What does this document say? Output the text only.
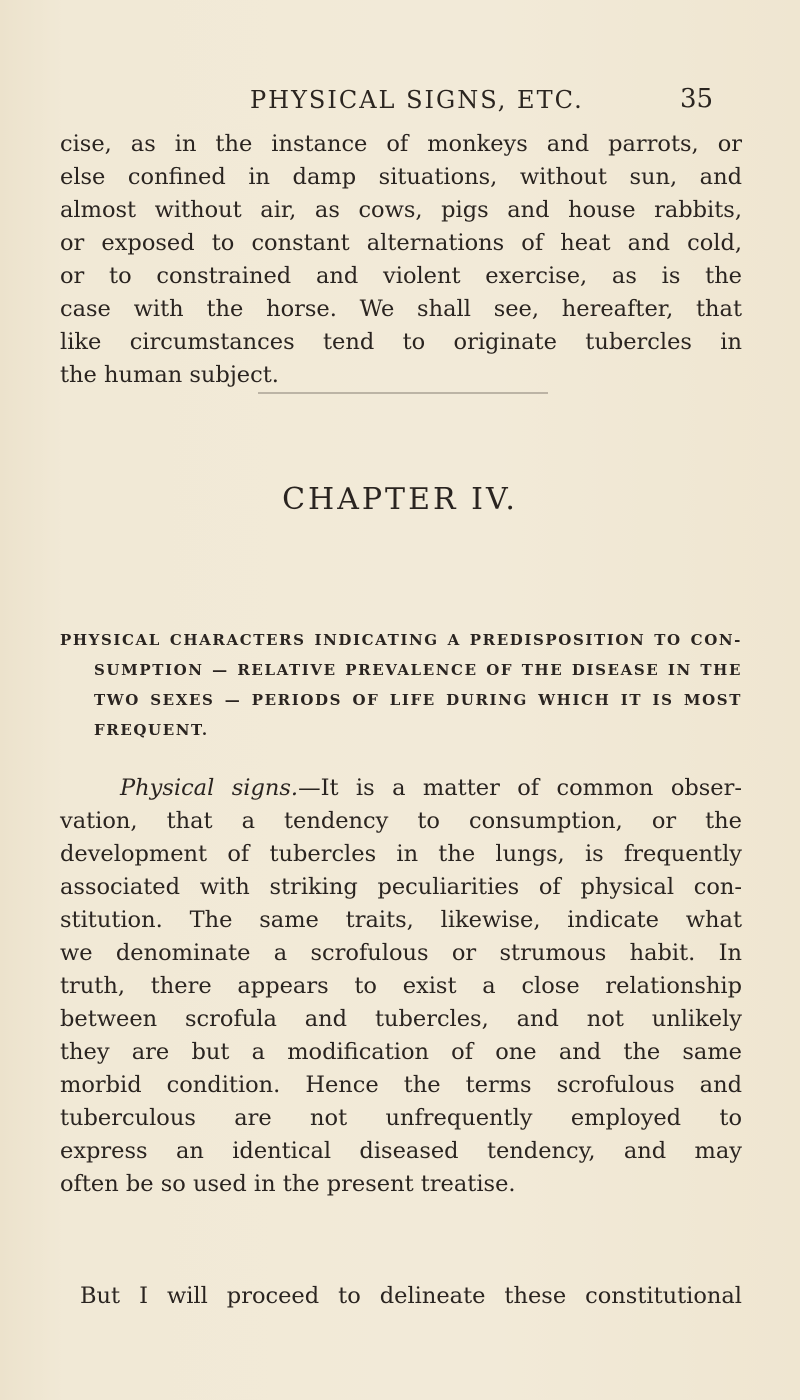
PHYSICAL SIGNS, ETC.	35

cise, as in the instance of monkeys and parrots, or
else confined in damp situations, without sun, and
almost without air, as cows, pigs and house rabbits,
or exposed to constant alternations of heat and cold,
or to constrained and violent exercise, as is the
case with the horse. We shall see, hereafter, that
like circumstances tend to originate tubercles in
the human subject.

CHAPTER IV.

PHYSICAL CHARACTERS INDICATING A PREDISPOSITION TO CON-
SUMPTION — RELATIVE PREVALENCE OF THE DISEASE IN THE
TWO SEXES — PERIODS OF LIFE DURING WHICH IT IS MOST
FREQUENT.

Physical signs.—It is a matter of common obser-
vation, that a tendency to consumption, or the
development of tubercles in the lungs, is frequently
associated with striking peculiarities of physical con-
stitution. The same traits, likewise, indicate what
we denominate a scrofulous or strumous habit. In
truth, there appears to exist a close relationship
between scrofula and tubercles, and not unlikely
they are but a modification of one and the same
morbid condition. Hence the terms scrofulous and
tuberculous are not unfrequently employed to
express an identical diseased tendency, and may
often be so used in the present treatise.

But I will proceed to delineate these constitutional
